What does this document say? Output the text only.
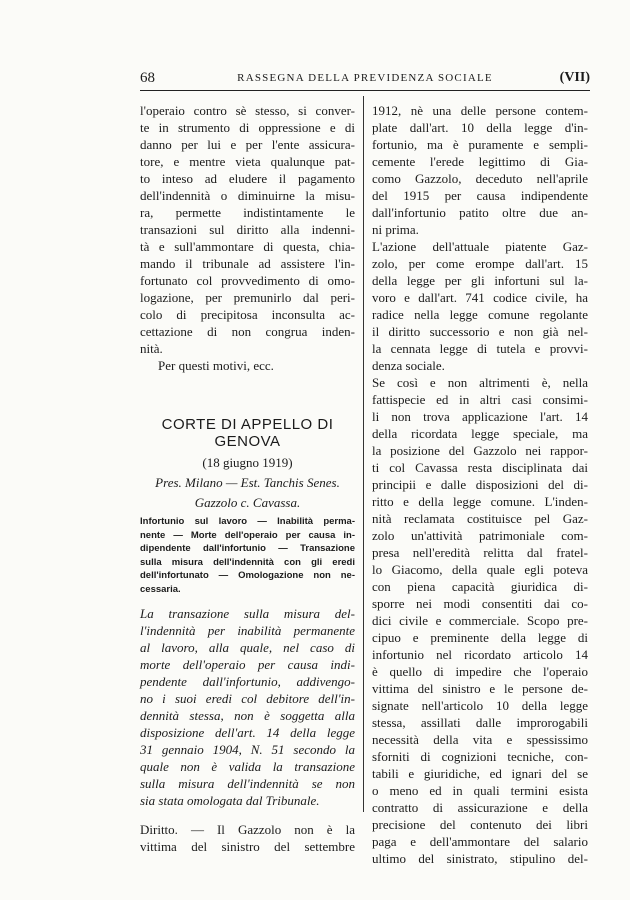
68	RASSEGNA DELLA PREVIDENZA SOCIALE	(VII)

l'operaio contro sè stesso, si conver-
te in strumento di oppressione e di
danno per lui e per l'ente assicura-
tore, e mentre vieta qualunque pat-
to inteso ad eludere il pagamento
dell'indennità o diminuirne la misu-
ra, permette indistintamente le
transazioni sul diritto alla indenni-
tà e sull'ammontare di questa, chia-
mando il tribunale ad assistere l'in-
fortunato col provvedimento di omo-
logazione, per premunirlo dal peri-
colo di precipitosa inconsulta ac-
cettazione di non congrua inden-
nità.

Per questi motivi, ecc.

CORTE DI APPELLO DI GENOVA
(18 giugno 1919)
Pres. Milano — Est. Tanchis Senes.
Gazzolo c. Cavassa.
Infortunio sul lavoro — Inabilità perma-
nente — Morte dell'operaio per causa in-
dipendente dall'infortunio — Transazione
sulla misura dell'indennità con gli eredi
dell'infortunato — Omologazione non ne-
cessaria.
La transazione sulla misura del-
l'indennità per inabilità permanente
al lavoro, alla quale, nel caso di
morte dell'operaio per causa indi-
pendente dall'infortunio, addivengo-
no i suoi eredi col debitore dell'in-
dennità stessa, non è soggetta alla
disposizione dell'art. 14 della legge
31 gennaio 1904, N. 51 secondo la
quale non è valida la transazione
sulla misura dell'indennità se non
sia stata omologata dal Tribunale.
Diritto. — Il Gazzolo non è la
vittima del sinistro del settembre

1912, nè una delle persone contem-
plate dall'art. 10 della legge d'in-
fortunio, ma è puramente e sempli-
cemente l'erede legittimo di Gia-
como Gazzolo, deceduto nell'aprile
del 1915 per causa indipendente
dall'infortunio patito oltre due an-
ni prima.

L'azione dell'attuale piatente Gaz-
zolo, per come erompe dall'art. 15
della legge per gli infortuni sul la-
voro e dall'art. 741 codice civile, ha
radice nella legge comune regolante
il diritto successorio e non già nel-
la cennata legge di tutela e provvi-
denza sociale.

Se così e non altrimenti è, nella
fattispecie ed in altri casi consimi-
li non trova applicazione l'art. 14
della ricordata legge speciale, ma
la posizione del Gazzolo nei rappor-
ti col Cavassa resta disciplinata dai
principii e dalle disposizioni del di-
ritto e della legge comune. L'inden-
nità reclamata costituisce pel Gaz-
zolo un'attività patrimoniale com-
presa nell'eredità relitta dal fratel-
lo Giacomo, della quale egli poteva
con piena capacità giuridica di-
sporre nei modi consentiti dai co-
dici civile e commerciale. Scopo pre-
cipuo e preminente della legge di
infortunio nel ricordato articolo 14
è quello di impedire che l'operaio
vittima del sinistro e le persone de-
signate nell'articolo 10 della legge
stessa, assillati dalle improrogabili
necessità della vita e spessissimo
sforniti di cognizioni tecniche, con-
tabili e giuridiche, ed ignari del se
o meno ed in quali termini esista
contratto di assicurazione e della
precisione del contenuto dei libri
paga e dell'ammontare del salario
ultimo del sinistrato, stipulino del-
